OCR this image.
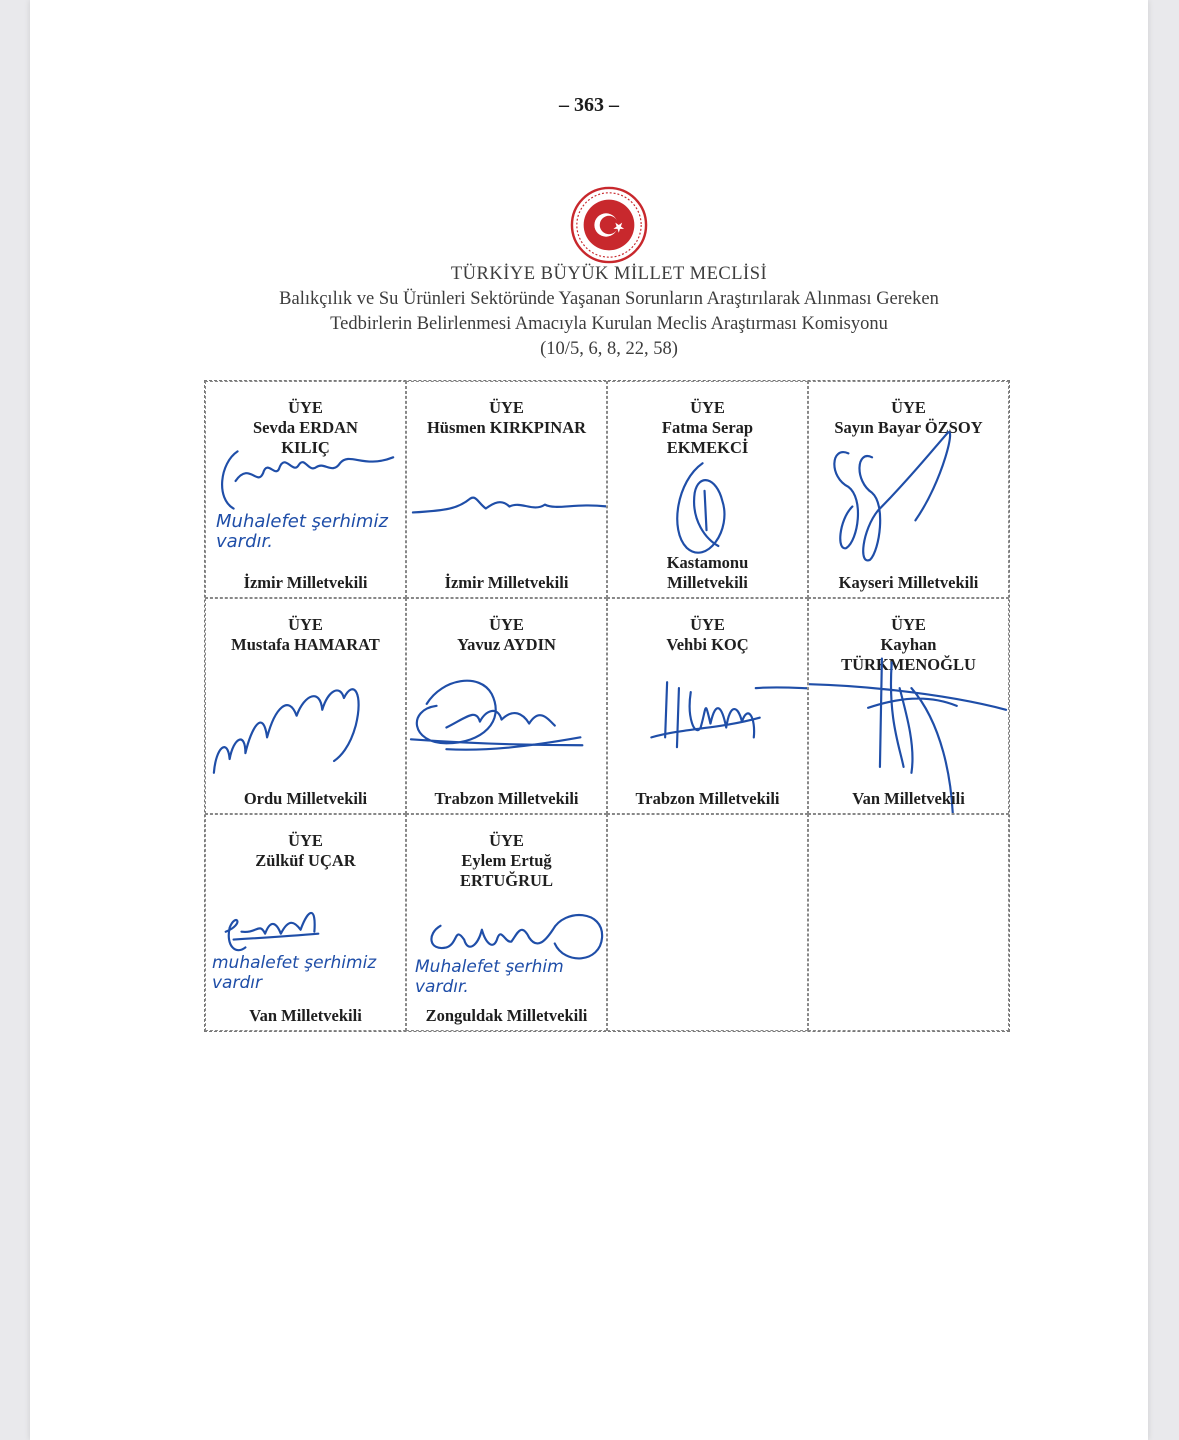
– 363 –
TÜRKİYE BÜYÜK MİLLET MECLİSİ
Balıkçılık ve Su Ürünleri Sektöründe Yaşanan Sorunların Araştırılarak Alınması Gereken
Tedbirlerin Belirlenmesi Amacıyla Kurulan Meclis Araştırması Komisyonu
(10/5, 6, 8, 22, 58)
ÜYE
Sevda ERDAN
KILIÇ
Muhalefet şerhimiz vardır.
İzmir Milletvekili
ÜYE
Hüsmen KIRKPINAR
İzmir Milletvekili
ÜYE
Fatma Serap
EKMEKCİ
Kastamonu
Milletvekili
ÜYE
Sayın Bayar ÖZSOY
Kayseri Milletvekili
ÜYE
Mustafa HAMARAT
Ordu Milletvekili
ÜYE
Yavuz AYDIN
Trabzon Milletvekili
ÜYE
Vehbi KOÇ
Trabzon Milletvekili
ÜYE
Kayhan
TÜRKMENOĞLU
Van Milletvekili
ÜYE
Zülküf UÇAR
muhalefet şerhimiz vardır
Van Milletvekili
ÜYE
Eylem Ertuğ
ERTUĞRUL
Muhalefet şerhim vardır.
Zonguldak Milletvekili
